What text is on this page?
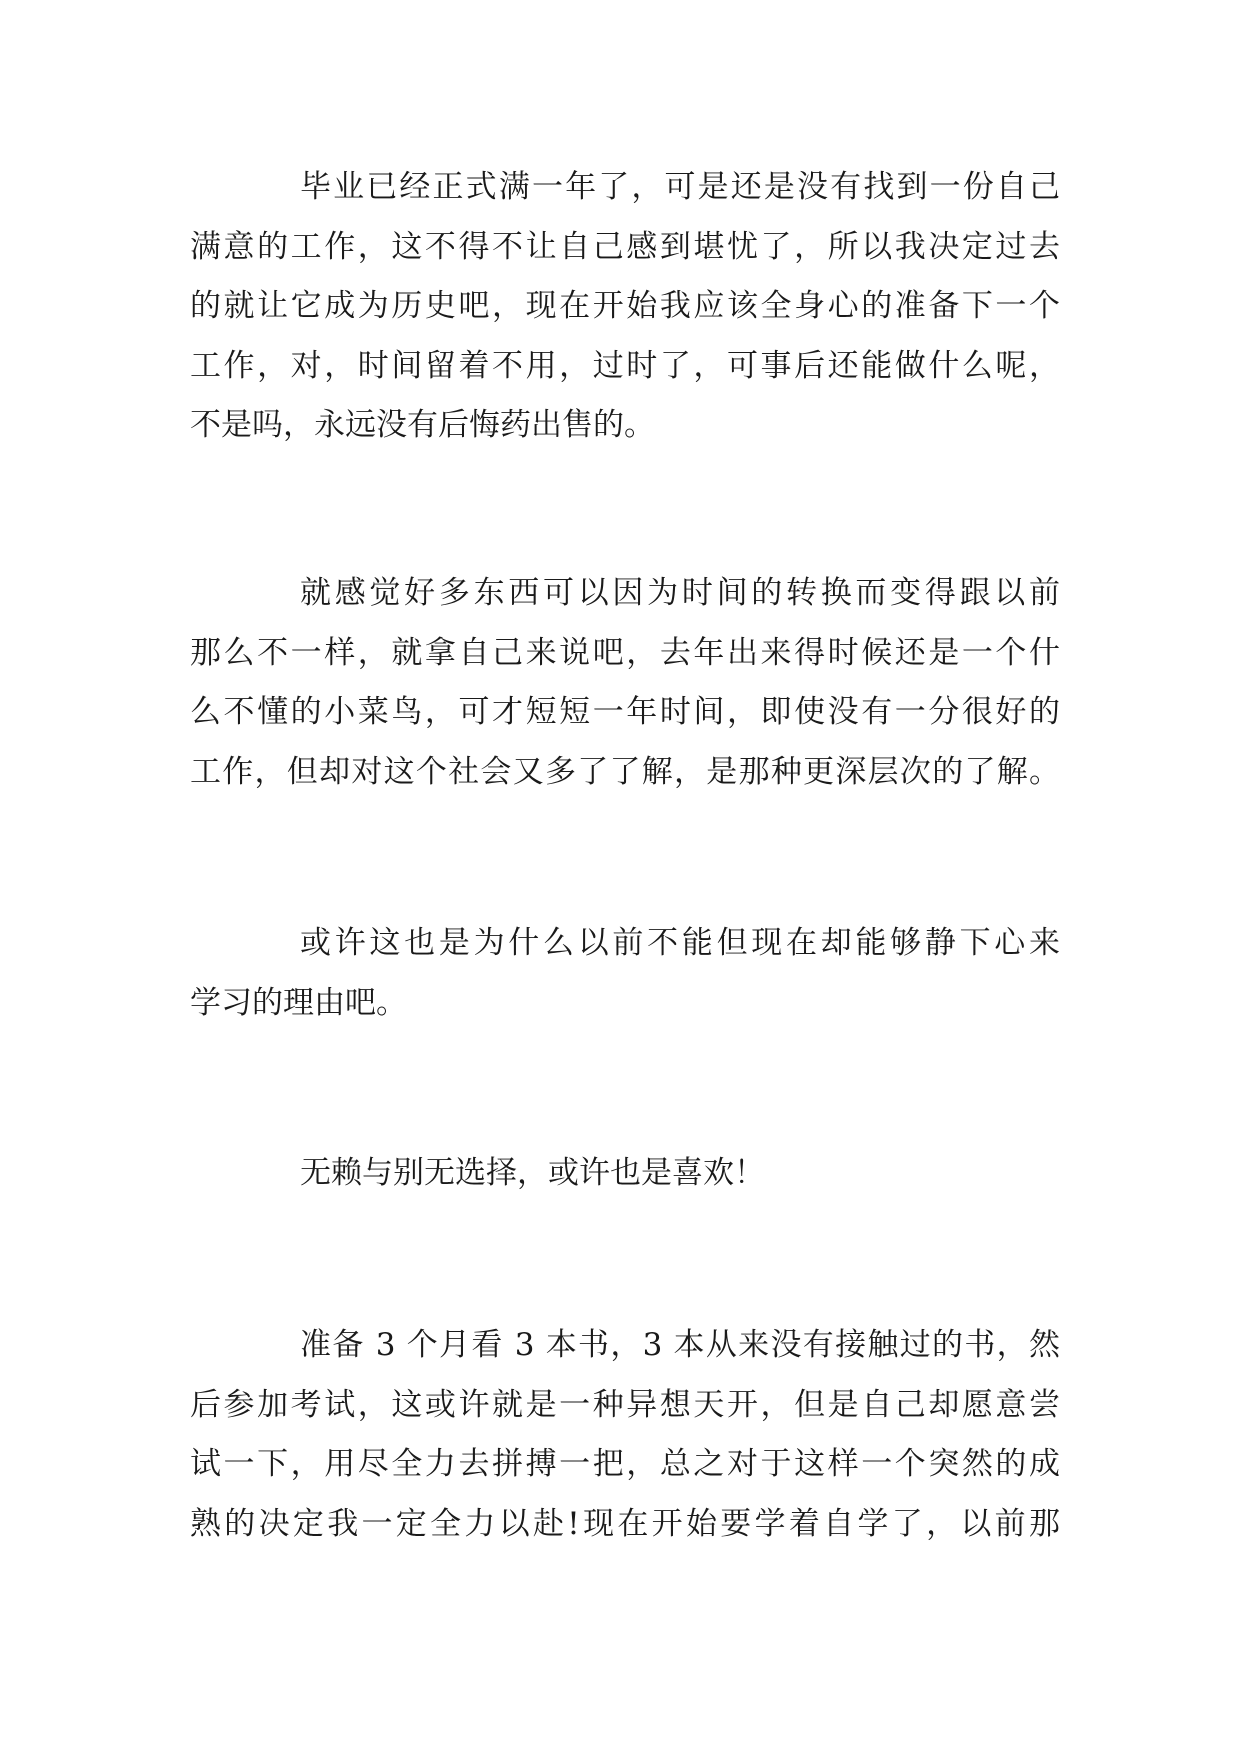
毕业已经正式满一年了，可是还是没有找到一份自己
满意的工作，这不得不让自己感到堪忧了，所以我决定过去
的就让它成为历史吧，现在开始我应该全身心的准备下一个
工作，对，时间留着不用，过时了，可事后还能做什么呢，
不是吗，永远没有后悔药出售的。
就感觉好多东西可以因为时间的转换而变得跟以前
那么不一样，就拿自己来说吧，去年出来得时候还是一个什
么不懂的小菜鸟，可才短短一年时间，即使没有一分很好的
工作，但却对这个社会又多了了解，是那种更深层次的了解。
或许这也是为什么以前不能但现在却能够静下心来
学习的理由吧。
无赖与别无选择，或许也是喜欢！
准备 3 个月看 3 本书，3 本从来没有接触过的书，然
后参加考试，这或许就是一种异想天开，但是自己却愿意尝
试一下，用尽全力去拼搏一把，总之对于这样一个突然的成
熟的决定我一定全力以赴!现在开始要学着自学了，以前那
